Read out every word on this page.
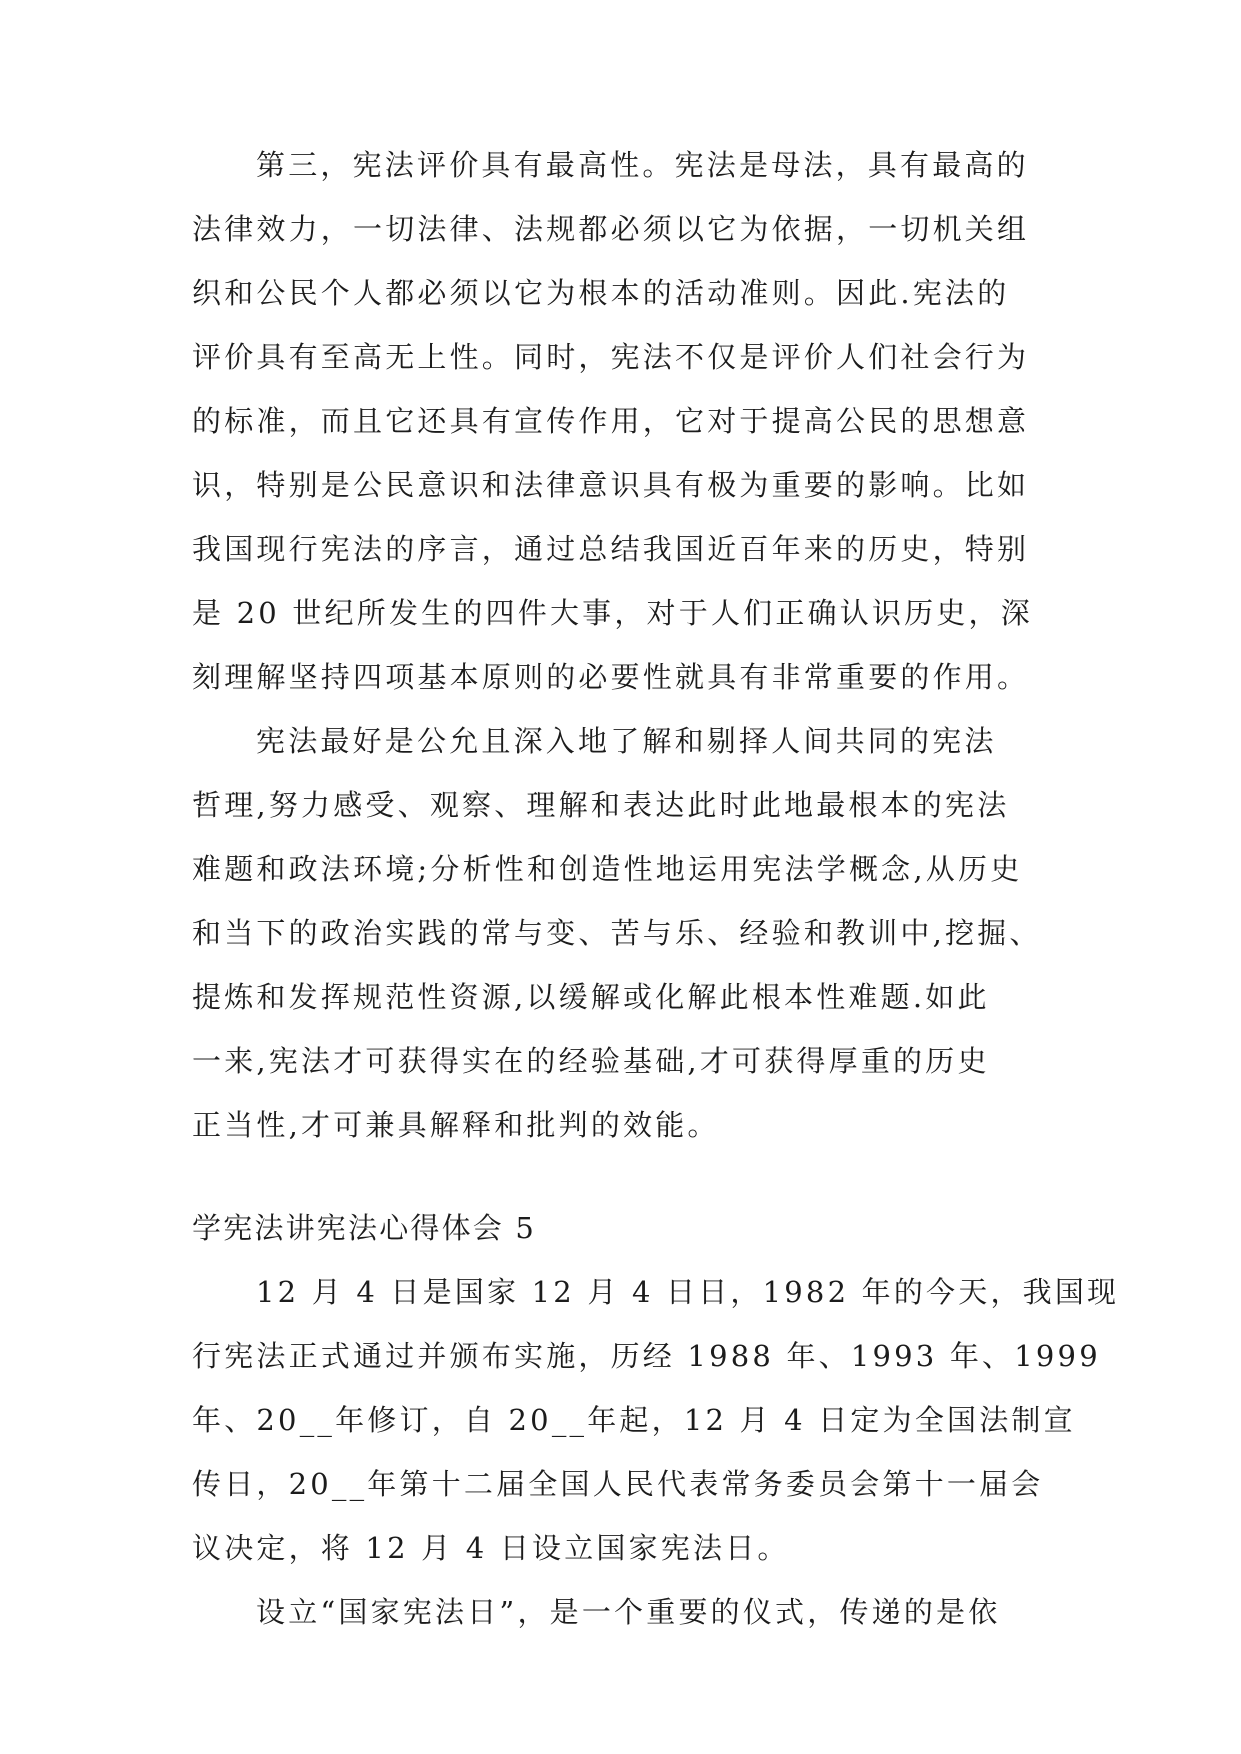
第三，宪法评价具有最高性。宪法是母法，具有最高的

法律效力，一切法律、法规都必须以它为依据，一切机关组

织和公民个人都必须以它为根本的活动准则。因此.宪法的

评价具有至高无上性。同时，宪法不仅是评价人们社会行为

的标准，而且它还具有宣传作用，它对于提高公民的思想意

识，特别是公民意识和法律意识具有极为重要的影响。比如

我国现行宪法的序言，通过总结我国近百年来的历史，特别

是 20 世纪所发生的四件大事，对于人们正确认识历史，深

刻理解坚持四项基本原则的必要性就具有非常重要的作用。

宪法最好是公允且深入地了解和剔择人间共同的宪法

哲理,努力感受、观察、理解和表达此时此地最根本的宪法

难题和政法环境;分析性和创造性地运用宪法学概念,从历史

和当下的政治实践的常与变、苦与乐、经验和教训中,挖掘、

提炼和发挥规范性资源,以缓解或化解此根本性难题.如此

一来,宪法才可获得实在的经验基础,才可获得厚重的历史

正当性,才可兼具解释和批判的效能。

学宪法讲宪法心得体会 5

12 月 4 日是国家 12 月 4 日日，1982 年的今天，我国现

行宪法正式通过并颁布实施，历经 1988 年、1993 年、1999

年、20__年修订，自 20__年起，12 月 4 日定为全国法制宣

传日，20__年第十二届全国人民代表常务委员会第十一届会

议决定，将 12 月 4 日设立国家宪法日。

设立“国家宪法日”，是一个重要的仪式，传递的是依
